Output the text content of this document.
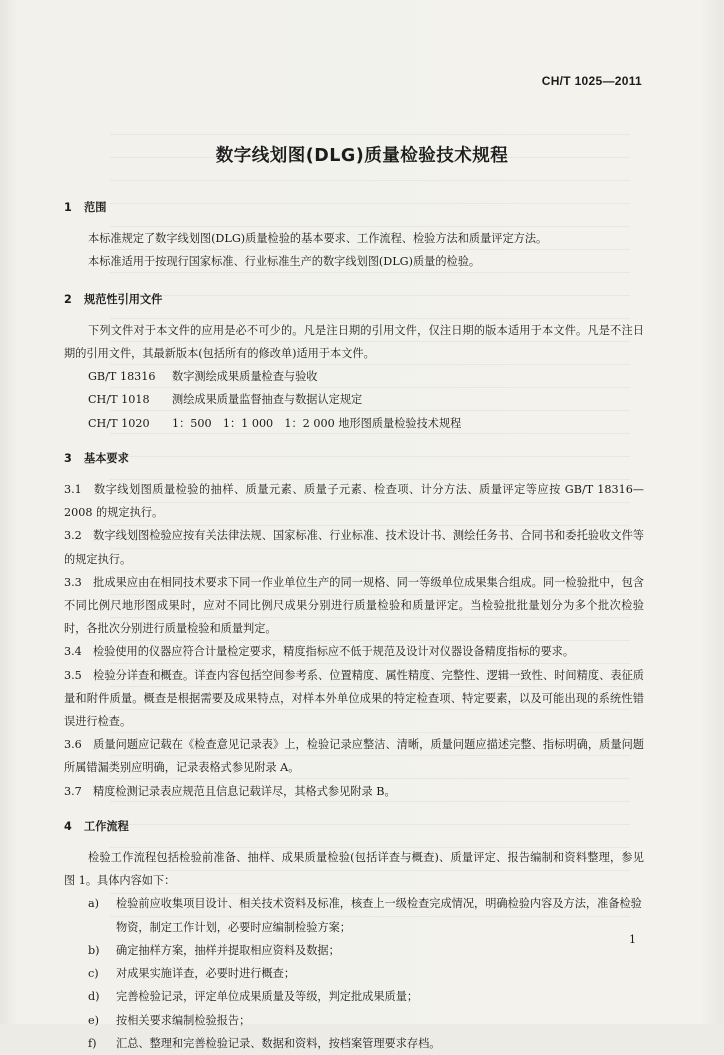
CH/T 1025—2011
数字线划图(DLG)质量检验技术规程
1 范围

本标准规定了数字线划图(DLG)质量检验的基本要求、工作流程、检验方法和质量评定方法。

本标准适用于按现行国家标准、行业标准生产的数字线划图(DLG)质量的检验。

2 规范性引用文件

下列文件对于本文件的应用是必不可少的。凡是注日期的引用文件，仅注日期的版本适用于本文件。凡是不注日期的引用文件，其最新版本(包括所有的修改单)适用于本文件。

GB/T 18316 数字测绘成果质量检查与验收
CH/T 1018 测绘成果质量监督抽查与数据认定规定
CH/T 1020 1：500　1：1 000　1：2 000 地形图质量检验技术规程
3 基本要求

3.1　数字线划图质量检验的抽样、质量元素、质量子元素、检查项、计分方法、质量评定等应按 GB/T 18316—2008 的规定执行。

3.2　数字线划图检验应按有关法律法规、国家标准、行业标准、技术设计书、测绘任务书、合同书和委托验收文件等的规定执行。

3.3　批成果应由在相同技术要求下同一作业单位生产的同一规格、同一等级单位成果集合组成。同一检验批中，包含不同比例尺地形图成果时，应对不同比例尺成果分别进行质量检验和质量评定。当检验批批量划分为多个批次检验时，各批次分别进行质量检验和质量判定。

3.4　检验使用的仪器应符合计量检定要求，精度指标应不低于规范及设计对仪器设备精度指标的要求。

3.5　检验分详查和概查。详查内容包括空间参考系、位置精度、属性精度、完整性、逻辑一致性、时间精度、表征质量和附件质量。概查是根据需要及成果特点，对样本外单位成果的特定检查项、特定要素，以及可能出现的系统性错误进行检查。

3.6　质量问题应记载在《检查意见记录表》上，检验记录应整洁、清晰，质量问题应描述完整、指标明确，质量问题所属错漏类别应明确，记录表格式参见附录 A。

3.7　精度检测记录表应规范且信息记载详尽，其格式参见附录 B。

4 工作流程

检验工作流程包括检验前准备、抽样、成果质量检验(包括详查与概查)、质量评定、报告编制和资料整理，参见图 1。具体内容如下：

a) 检验前应收集项目设计、相关技术资料及标准，核查上一级检查完成情况，明确检验内容及方法，准备检验物资，制定工作计划，必要时应编制检验方案；
b) 确定抽样方案，抽样并提取相应资料及数据；
c) 对成果实施详查，必要时进行概查；
d) 完善检验记录，评定单位成果质量及等级，判定批成果质量；
e) 按相关要求编制检验报告；
f) 汇总、整理和完善检验记录、数据和资料，按档案管理要求存档。
1
